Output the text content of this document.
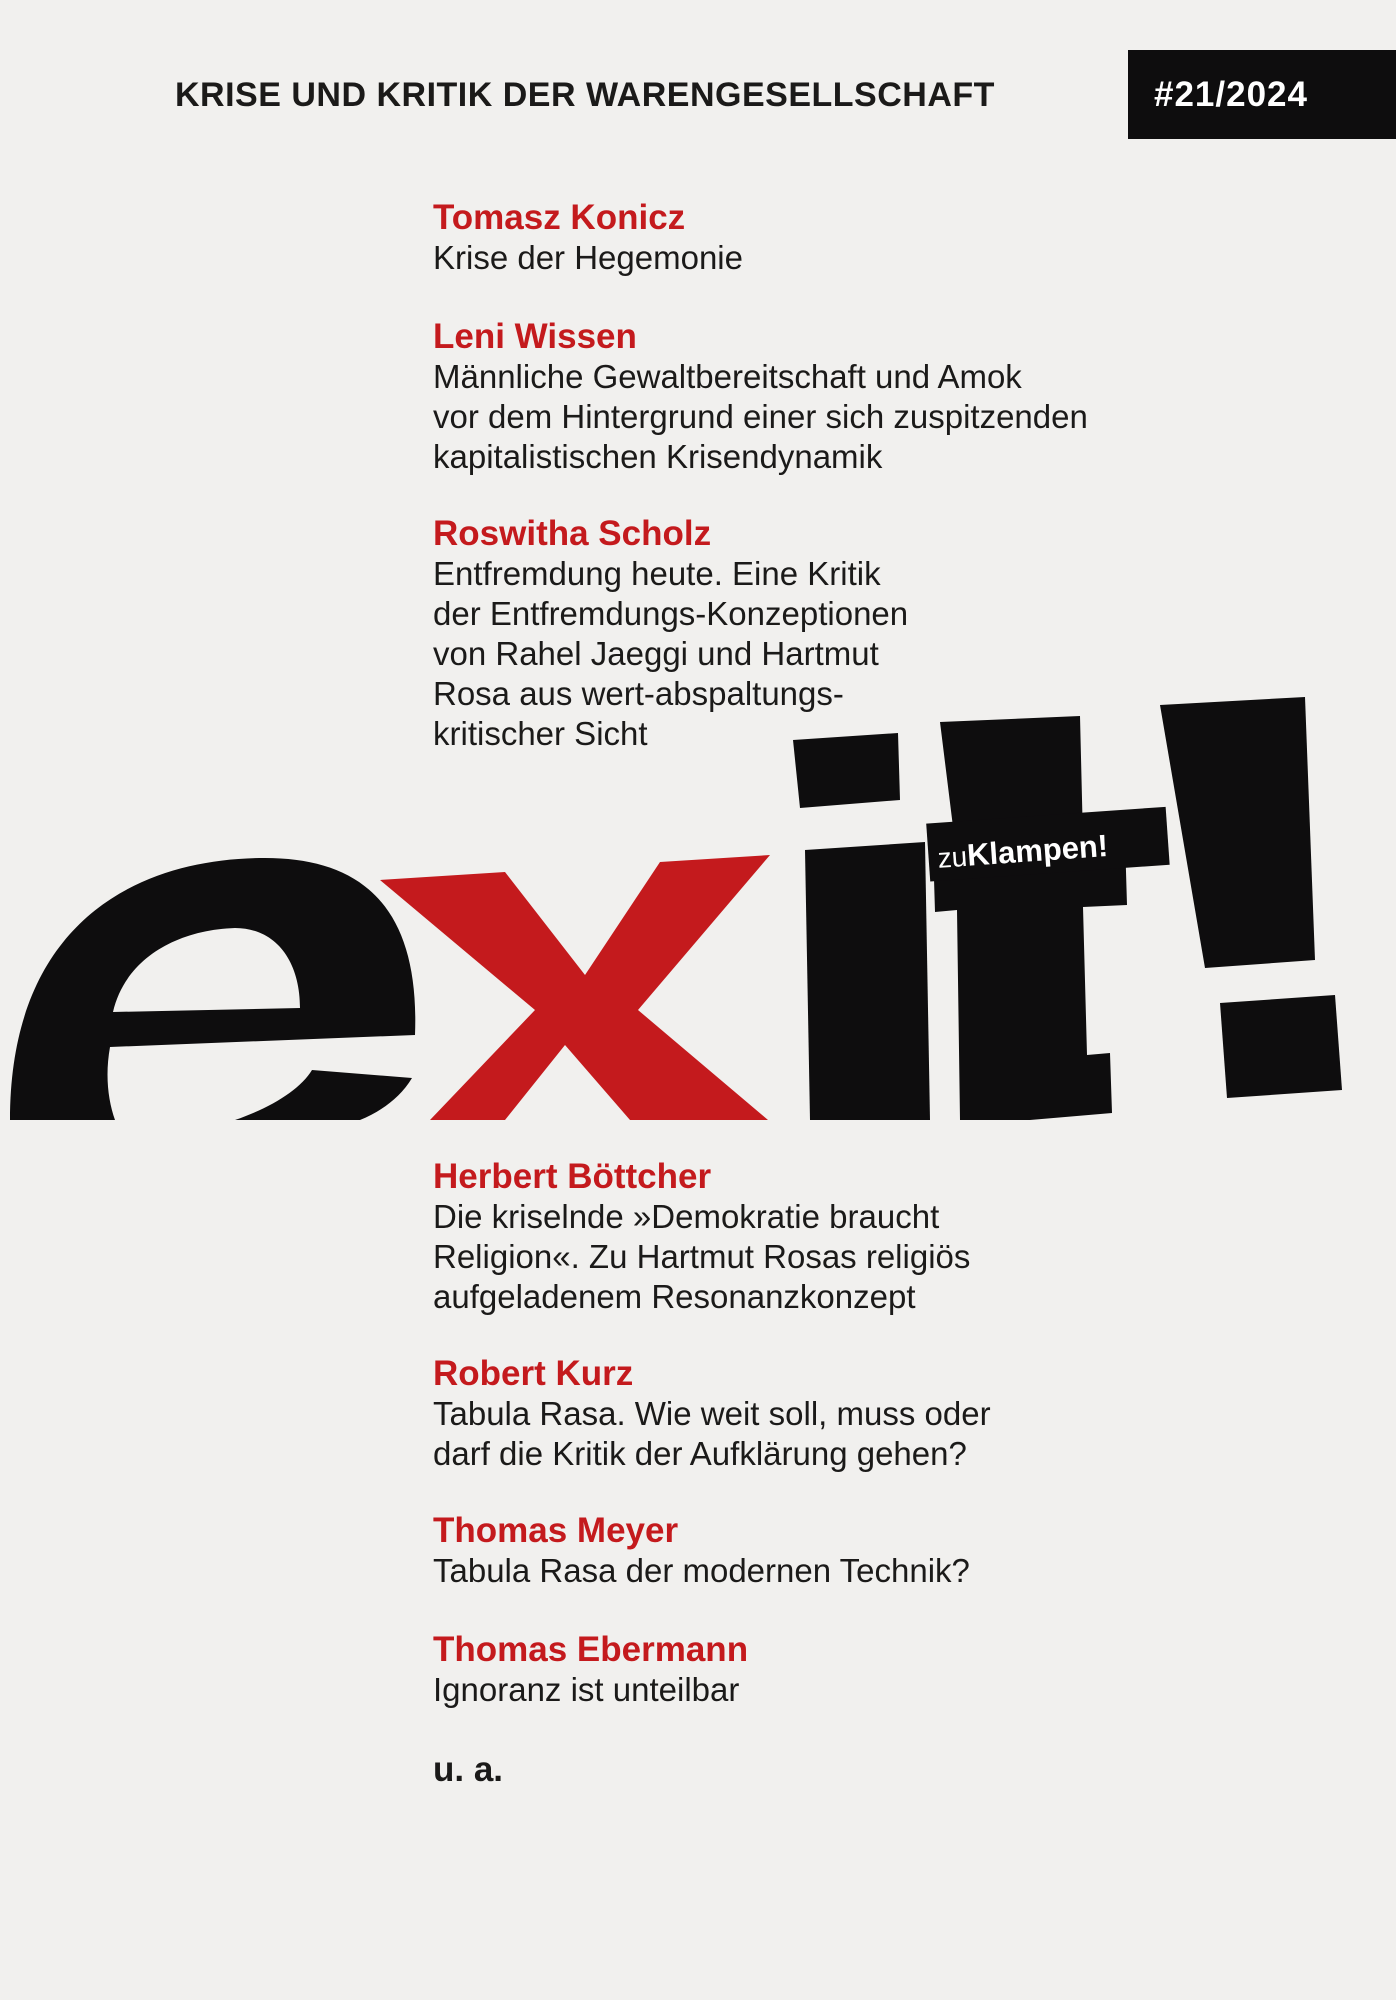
KRISE UND KRITIK DER WARENGESELLSCHAFT	#21/2024
Tomasz Konicz
Krise der Hegemonie
Leni Wissen
Männliche Gewaltbereitschaft und Amok
vor dem Hintergrund einer sich zuspitzenden
kapitalistischen Krisendynamik
Roswitha Scholz
Entfremdung heute. Eine Kritik
der Entfremdungs-Konzeptionen
von Rahel Jaeggi und Hartmut
Rosa aus wert-abspaltungs-
kritischer Sicht
zuKlampen!
Herbert Böttcher
Die kriselnde »Demokratie braucht
Religion«. Zu Hartmut Rosas religiös
aufgeladenem Resonanzkonzept
Robert Kurz
Tabula Rasa. Wie weit soll, muss oder
darf die Kritik der Aufklärung gehen?
Thomas Meyer
Tabula Rasa der modernen Technik?
Thomas Ebermann
Ignoranz ist unteilbar
u. a.
